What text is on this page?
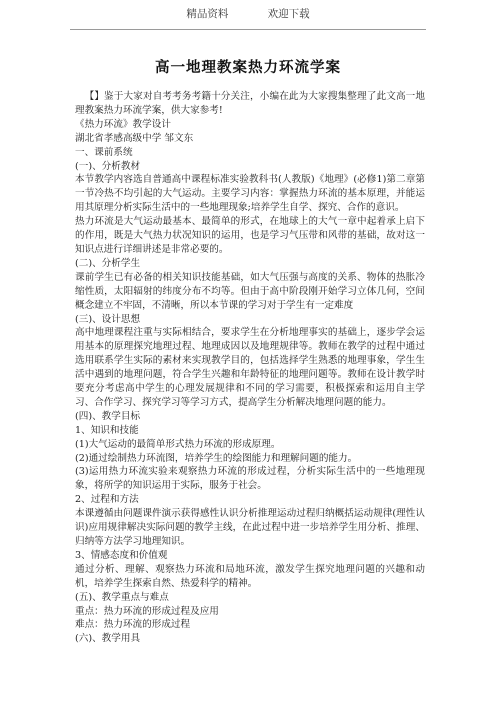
精品资料	欢迎下载
高一地理教案热力环流学案

【】鉴于大家对自考考务考籍十分关注，小编在此为大家搜集整理了此文高一地理教案热力环流学案，供大家参考!

《热力环流》教学设计

湖北省孝感高级中学 邹文东

一、课前系统

(一)、分析教材

本节教学内容选自普通高中课程标准实验教科书(人教版)《地理》(必修1)第二章第一节冷热不均引起的大气运动。主要学习内容：掌握热力环流的基本原理，并能运用其原理分析实际生活中的一些地理现象;培养学生自学、探究、合作的意识。

热力环流是大气运动最基本、最简单的形式，在地球上的大气一章中起着承上启下的作用，既是大气热力状况知识的运用，也是学习气压带和风带的基础，故对这一知识点进行详细讲述是非常必要的。

(二)、分析学生

课前学生已有必备的相关知识技能基础，如大气压强与高度的关系、物体的热胀冷缩性质，太阳辐射的纬度分布不均等。但由于高中阶段刚开始学习立体几何，空间概念建立不牢固，不清晰，所以本节课的学习对于学生有一定难度

(三)、设计思想

高中地理课程注重与实际相结合，要求学生在分析地理事实的基础上，逐步学会运用基本的原理探究地理过程、地理成因以及地理规律等。教师在教学的过程中通过选用联系学生实际的素材来实现教学目的，包括选择学生熟悉的地理事象，学生生活中遇到的地理问题，符合学生兴趣和年龄特征的地理问题等。教师在设计教学时要充分考虑高中学生的心理发展规律和不同的学习需要，积极探索和运用自主学习、合作学习、探究学习等学习方式，提高学生分析解决地理问题的能力。

(四)、教学目标

1、知识和技能

(1)大气运动的最简单形式热力环流的形成原理。

(2)通过绘制热力环流图，培养学生的绘图能力和理解问题的能力。

(3)运用热力环流实验来观察热力环流的形成过程，分析实际生活中的一些地理现象，将所学的知识运用于实际，服务于社会。

2、过程和方法

本课遵循由问题课件演示获得感性认识分析推理运动过程归纳概括运动规律(理性认识)应用规律解决实际问题的教学主线，在此过程中进一步培养学生用分析、推理、归纳等方法学习地理知识。

3、情感态度和价值观

通过分析、理解、观察热力环流和局地环流，激发学生探究地理问题的兴趣和动机，培养学生探索自然、热爱科学的精神。

(五)、教学重点与难点

重点：热力环流的形成过程及应用

难点：热力环流的形成过程

(六)、教学用具
